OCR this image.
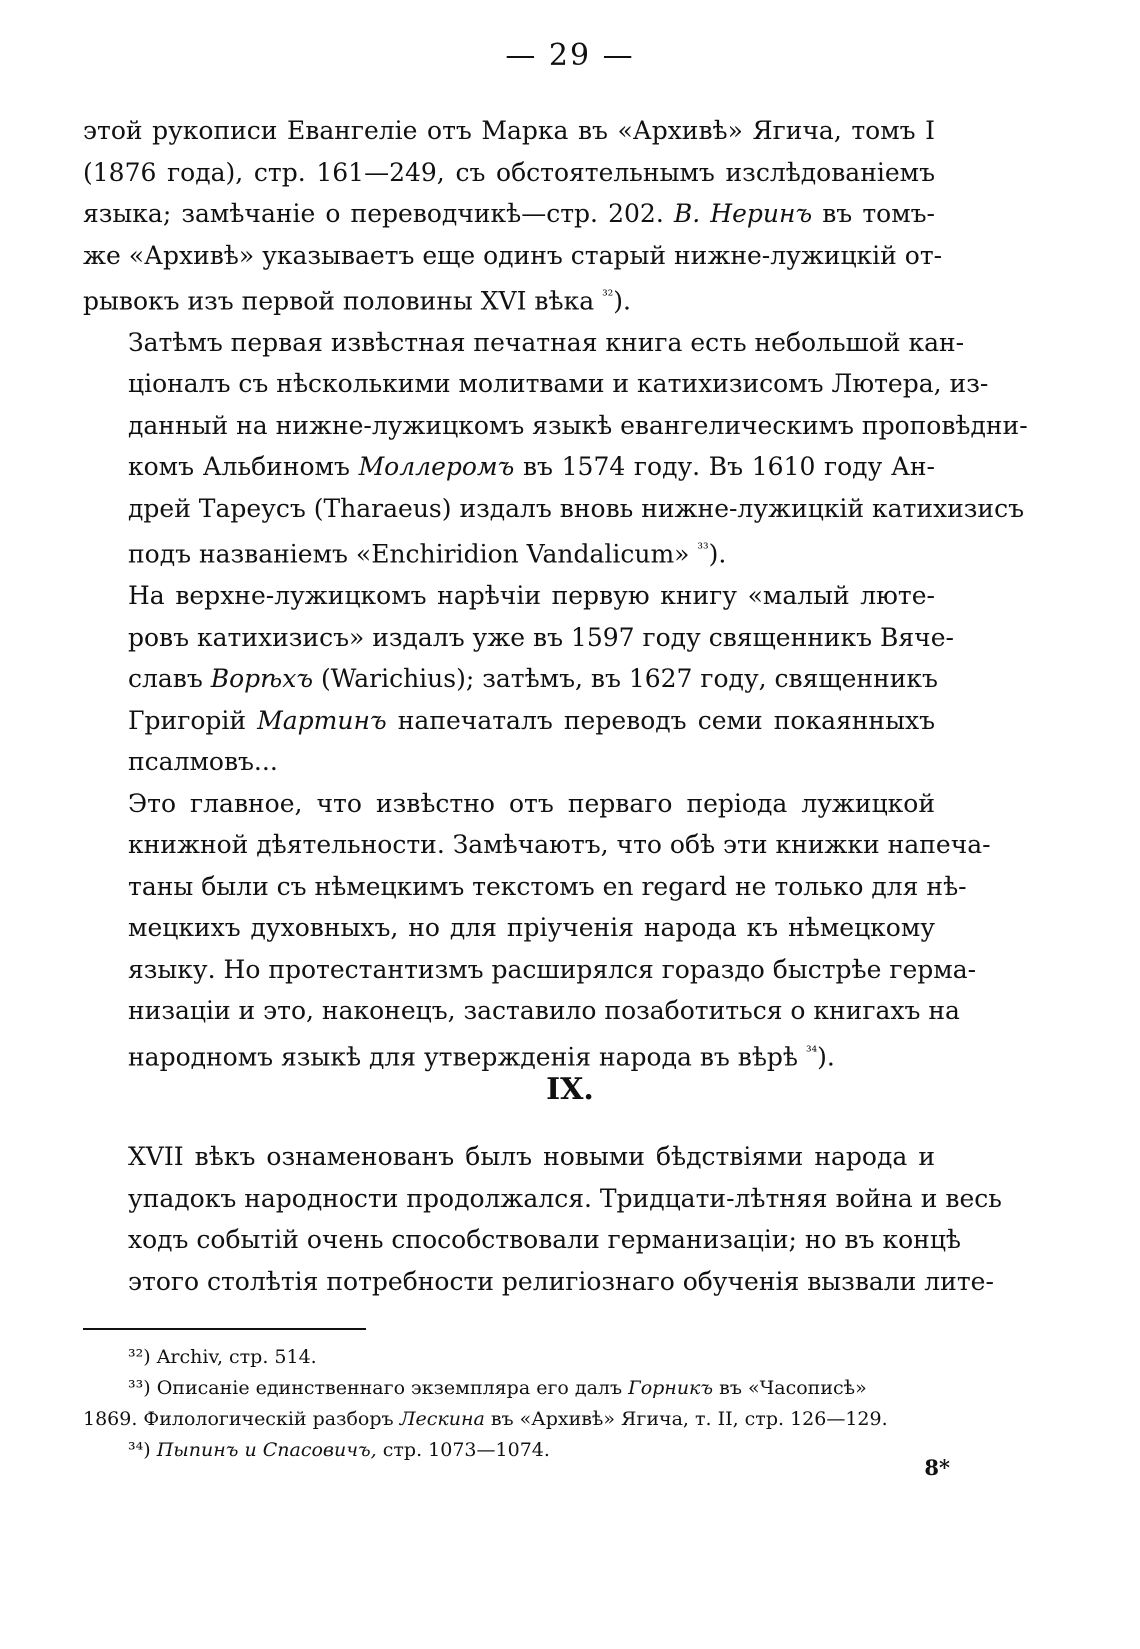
— 29 —
этой рукописи Евангеліе отъ Марка въ «Архивѣ» Ягича, томъ I
(1876 года), стр. 161—249, съ обстоятельнымъ изслѣдованіемъ
языка; замѣчаніе о переводчикѣ—стр. 202. В. Неринъ въ томъ-
же «Архивѣ» указываетъ еще одинъ старый нижне-лужицкій от-
рывокъ изъ первой половины XVI вѣка $^{^{32}}$).
Затѣмъ первая извѣстная печатная книга есть небольшой кан-
ціоналъ съ нѣсколькими молитвами и катихизисомъ Лютера, из-
данный на нижне-лужицкомъ языкѣ евангелическимъ проповѣдни-
комъ Альбиномъ Моллеромъ въ 1574 году. Въ 1610 году Ан-
дрей Тареусъ (Tharaeus) издалъ вновь нижне-лужицкій катихизисъ
подъ названіемъ «Enchiridion Vandalicum» $^{^{33}}$).
На верхне-лужицкомъ нарѣчіи первую книгу «малый люте-
ровъ катихизисъ» издалъ уже въ 1597 году священникъ Вяче-
славъ Ворѣхъ (Warichius); затѣмъ, въ 1627 году, священникъ
Григорій Мартинъ напечаталъ переводъ семи покаянныхъ
псалмовъ...
Это главное, что извѣстно отъ перваго періода лужицкой
книжной дѣятельности. Замѣчаютъ, что обѣ эти книжки напеча-
таны были съ нѣмецкимъ текстомъ en regard не только для нѣ-
мецкихъ духовныхъ, но для пріученія народа къ нѣмецкому
языку. Но протестантизмъ расширялся гораздо быстрѣе герма-
низаціи и это, наконецъ, заставило позаботиться о книгахъ на
народномъ языкѣ для утвержденія народа въ вѣрѣ $^{^{34}}$).
IX.
XVII вѣкъ ознаменованъ былъ новыми бѣдствіями народа и
упадокъ народности продолжался. Тридцати-лѣтняя война и весь
ходъ событій очень способствовали германизаціи; но въ концѣ
этого столѣтія потребности религіознаго обученія вызвали лите-
³²) Archiv, стр. 514.
³³) Описаніе единственнаго экземпляра его далъ Горникъ въ «Часописѣ»
1869. Филологическій разборъ Лескина въ «Архивѣ» Ягича, т. II, стр. 126—129.
³⁴) Пыпинъ и Спасовичъ, стр. 1073—1074.
8*
